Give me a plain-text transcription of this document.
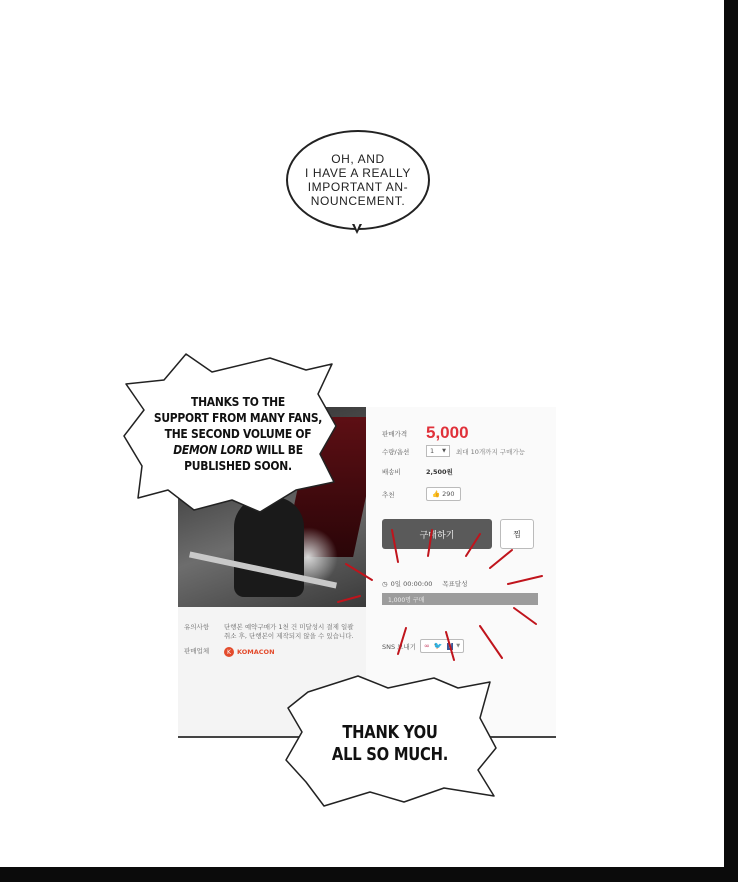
OH, AND
I HAVE A REALLY
IMPORTANT AN-
NOUNCEMENT.
유의사항	단행본 예약구매가 1천 건 미달성시 결제 일괄 취소 후, 단행본이 제작되지 않을 수 있습니다.
판매업체	K KOMACON
판매가격	5,000
수량/옵션	1 ▼ 최대 10개까지 구매가능
배송비	2,500원
추천	👍 290
구매하기	찜
◷ 0일 00:00:00 목표달성
1,000명 구매
SNS 보내기 ∞ 🐦	f	▼
THANKS TO THE
SUPPORT FROM MANY FANS,
THE SECOND VOLUME OF
DEMON LORD WILL BE
PUBLISHED SOON.
THANK YOU
ALL SO MUCH.
